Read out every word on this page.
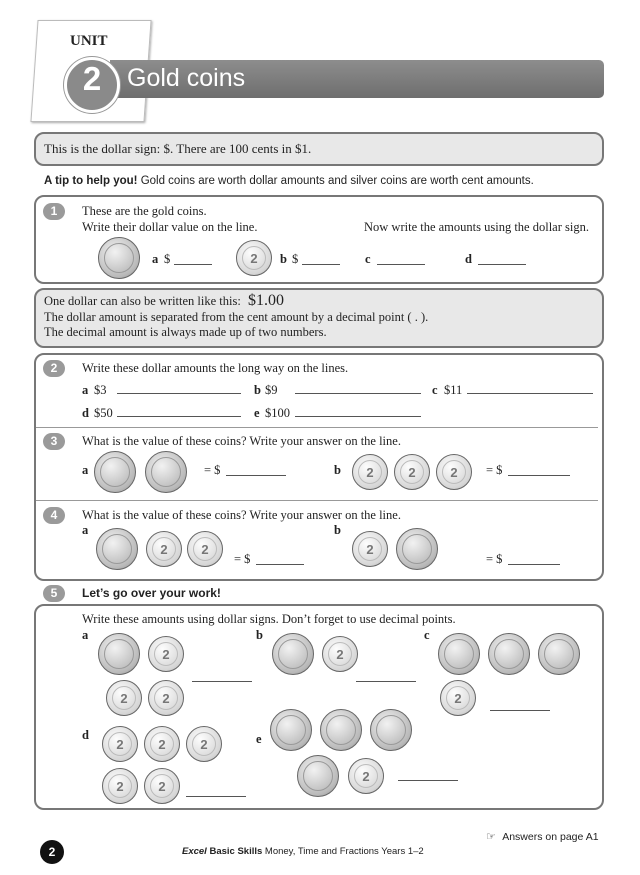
UNIT
2	Gold coins
This is the dollar sign: $. There are 100 cents in $1.
A tip to help you! Gold coins are worth dollar amounts and silver coins are worth cent amounts.
1	These are the gold coins.
Write their dollar value on the line.	Now write the amounts using the dollar sign.
a $	2	b $	c	d
One dollar can also be written like this: $1.00
The dollar amount is separated from the cent amount by a decimal point ( . ).
The decimal amount is always made up of two numbers.
2	Write these dollar amounts the long way on the lines.
a $3	b $9	c $11
d $50	e $100
3	What is the value of these coins? Write your answer on the line.
a	= $	b	2	2	2	= $
4	What is the value of these coins? Write your answer on the line.
a
2	2
= $
b
2
= $
5	Let’s go over your work!
Write these amounts using dollar signs. Don’t forget to use decimal points.
a
2
2	2
b
2
c
2
d
2	2	2
2	2
e
2
☞ Answers on page A1
2	Excel Basic Skills Money, Time and Fractions Years 1–2
